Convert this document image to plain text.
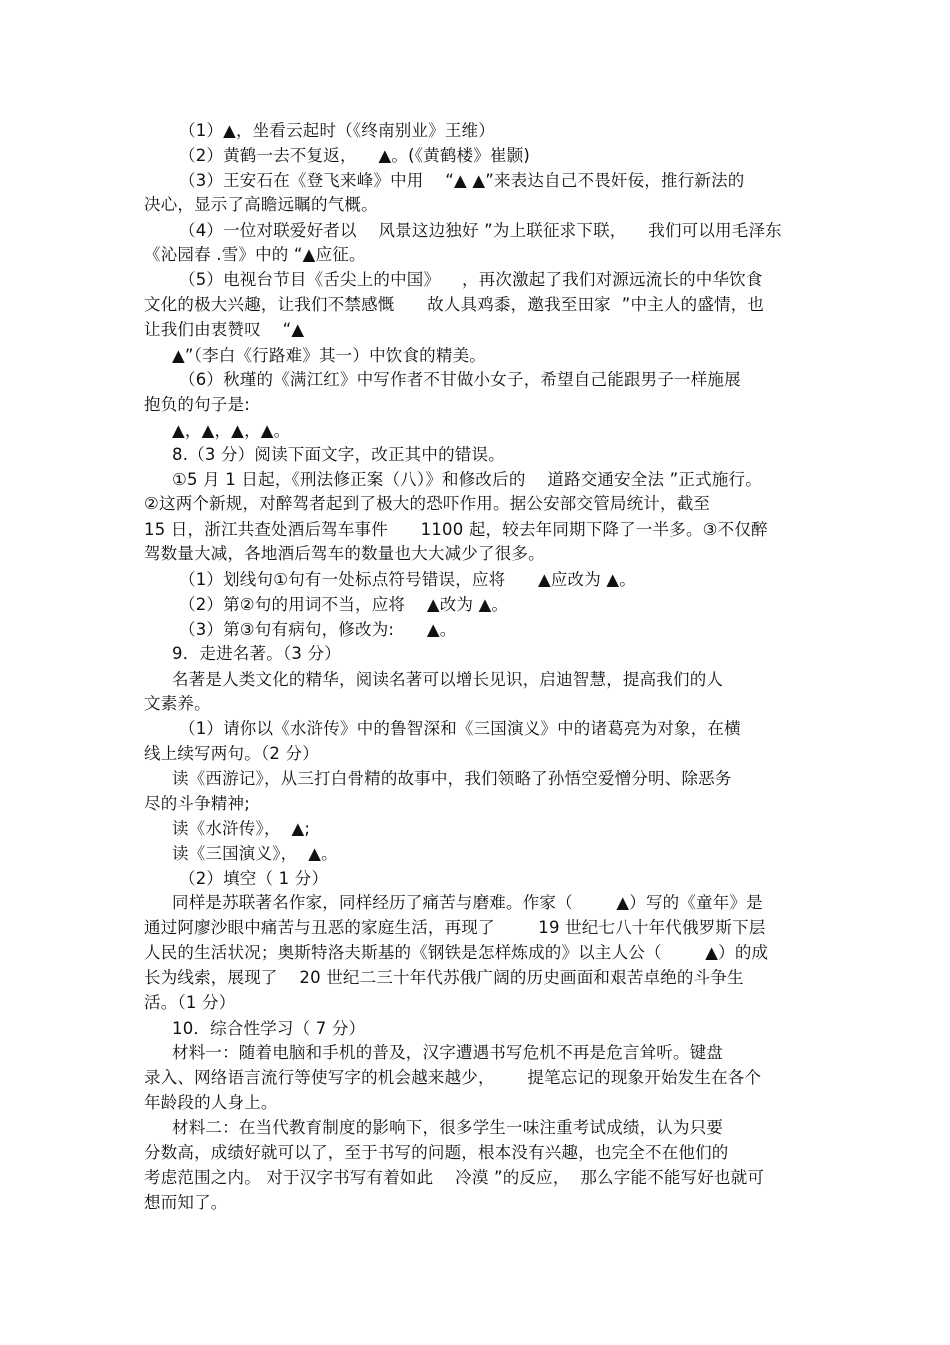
（1）▲，坐看云起时（《终南别业》王维）
（2）黄鹤一去不复返，    ▲。(《黄鹤楼》崔颢)
（3）王安石在《登飞来峰》中用    “▲ ▲”来表达自己不畏奸佞，推行新法的
决心，显示了高瞻远瞩的气概。
（4）一位对联爱好者以    风景这边独好 ”为上联征求下联，    我们可以用毛泽东
《沁园春 .雪》中的 “▲应征。
（5）电视台节目《舌尖上的中国》    ，再次激起了我们对源远流长的中华饮食
文化的极大兴趣，让我们不禁感慨      故人具鸡黍，邀我至田家  ”中主人的盛情，也
让我们由衷赞叹    “▲
▲”（李白《行路难》其一）中饮食的精美。
（6）秋瑾的《满江红》中写作者不甘做小女子，希望自己能跟男子一样施展
抱负的句子是:
▲，▲，▲，▲。
8.（3 分）阅读下面文字，改正其中的错误。
①5 月 1 日起，《刑法修正案（八）》和修改后的    道路交通安全法 ”正式施行。
②这两个新规，对醉驾者起到了极大的恐吓作用。据公安部交管局统计，截至
15 日，浙江共查处酒后驾车事件      1100 起，较去年同期下降了一半多。③不仅醉
驾数量大减，各地酒后驾车的数量也大大减少了很多。
（1）划线句①句有一处标点符号错误，应将      ▲应改为 ▲。
（2）第②句的用词不当，应将    ▲改为 ▲。
（3）第③句有病句，修改为:      ▲。
9．走进名著。（3 分）
名著是人类文化的精华，阅读名著可以增长见识，启迪智慧，提高我们的人
文素养。
（1）请你以《水浒传》中的鲁智深和《三国演义》中的诸葛亮为对象，在横
线上续写两句。（2 分）
读《西游记》，从三打白骨精的故事中，我们领略了孙悟空爱憎分明、除恶务
尽的斗争精神;
读《水浒传》，  ▲;
读《三国演义》，  ▲。
（2）填空（ 1 分）
同样是苏联著名作家，同样经历了痛苦与磨难。作家（        ▲）写的《童年》是
通过阿廖沙眼中痛苦与丑恶的家庭生活，再现了        19 世纪七八十年代俄罗斯下层
人民的生活状况；奥斯特洛夫斯基的《钢铁是怎样炼成的》以主人公（        ▲）的成
长为线索，展现了    20 世纪二三十年代苏俄广阔的历史画面和艰苦卓绝的斗争生
活。（1 分）
10．综合性学习（ 7 分）
材料一：随着电脑和手机的普及，汉字遭遇书写危机不再是危言耸听。键盘
录入、网络语言流行等使写字的机会越来越少，      提笔忘记的现象开始发生在各个
年龄段的人身上。
材料二：在当代教育制度的影响下，很多学生一味注重考试成绩，认为只要
分数高，成绩好就可以了，至于书写的问题，根本没有兴趣，也完全不在他们的
考虑范围之内。 对于汉字书写有着如此    冷漠 ”的反应，  那么字能不能写好也就可
想而知了。
